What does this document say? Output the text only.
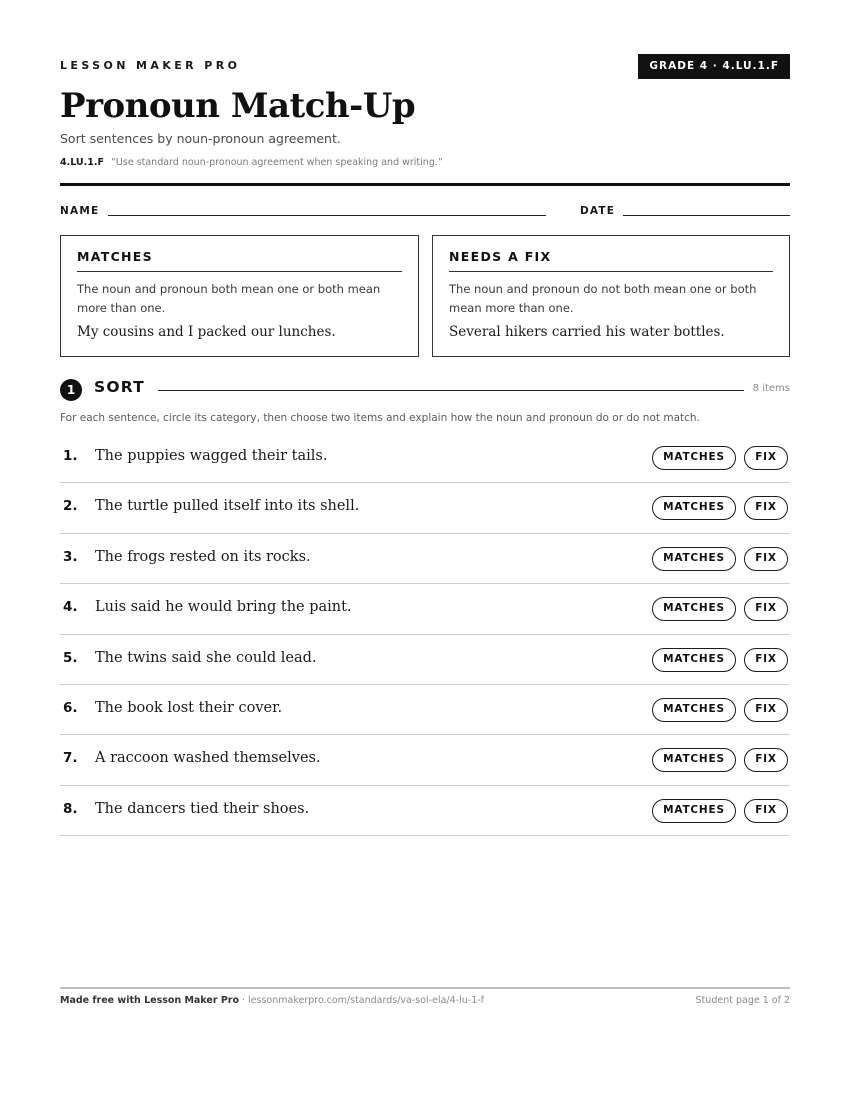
LESSON MAKER PRO	GRADE 4 · 4.LU.1.F
Pronoun Match-Up
Sort sentences by noun-pronoun agreement.
4.LU.1.F “Use standard noun-pronoun agreement when speaking and writing.”
NAME	DATE
MATCHES
The noun and pronoun both mean one or both mean more than one.
My cousins and I packed our lunches.
NEEDS A FIX
The noun and pronoun do not both mean one or both mean more than one.
Several hikers carried his water bottles.
1	SORT	8 items
For each sentence, circle its category, then choose two items and explain how the noun and pronoun do or do not match.
1. The puppies wagged their tails.	MATCHES	FIX
2. The turtle pulled itself into its shell.	MATCHES	FIX
3. The frogs rested on its rocks.	MATCHES	FIX
4. Luis said he would bring the paint.	MATCHES	FIX
5. The twins said she could lead.	MATCHES	FIX
6. The book lost their cover.	MATCHES	FIX
7. A raccoon washed themselves.	MATCHES	FIX
8. The dancers tied their shoes.	MATCHES	FIX
Made free with Lesson Maker Pro · lessonmakerpro.com/standards/va-sol-ela/4-lu-1-f	Student page 1 of 2
